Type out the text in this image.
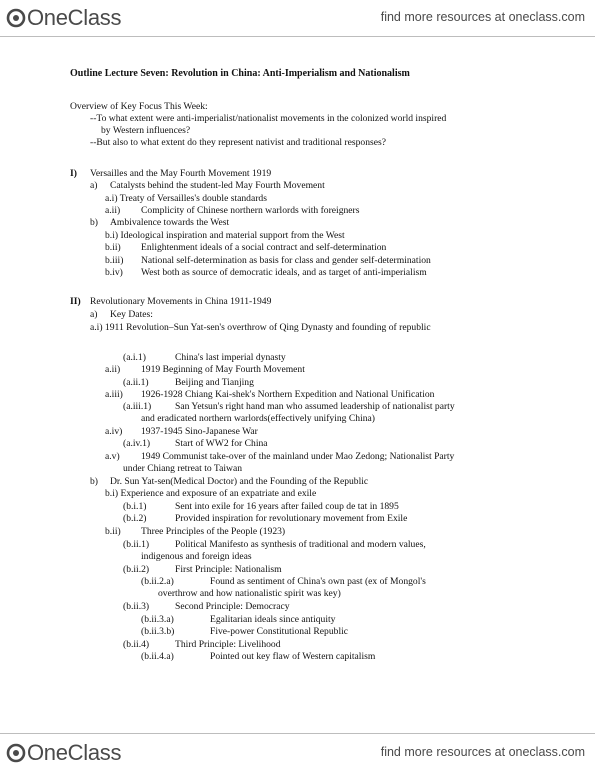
OneClass	find more resources at oneclass.com
Outline Lecture Seven: Revolution in China: Anti-Imperialism and Nationalism
Overview of Key Focus This Week:
--To what extent were anti-imperialist/nationalist movements in the colonized world inspired
by Western influences?
--But also to what extent do they represent nativist and traditional responses?
I) Versailles and the May Fourth Movement 1919
a) Catalysts behind the student-led May Fourth Movement
a.i) Treaty of Versailles's double standards
a.ii) Complicity of Chinese northern warlords with foreigners
b) Ambivalence towards the West
b.i) Ideological inspiration and material support from the West
b.ii) Enlightenment ideals of a social contract and self-determination
b.iii) National self-determination as basis for class and gender self-determination
b.iv) West both as source of democratic ideals, and as target of anti-imperialism
II) Revolutionary Movements in China 1911-1949
a) Key Dates:
a.i) 1911 Revolution–Sun Yat-sen's overthrow of Qing Dynasty and founding of republic
(a.i.1)	China's last imperial dynasty
a.ii) 1919 Beginning of May Fourth Movement
(a.ii.1)	Beijing and Tianjing
a.iii) 1926-1928 Chiang Kai-shek's Northern Expedition and National Unification
(a.iii.1) San Yetsun's right hand man who assumed leadership of nationalist party
and eradicated northern warlords(effectively unifying China)
a.iv) 1937-1945 Sino-Japanese War
(a.iv.1)	Start of WW2 for China
a.v) 1949 Communist take-over of the mainland under Mao Zedong; Nationalist Party
under Chiang retreat to Taiwan
b) Dr. Sun Yat-sen(Medical Doctor) and the Founding of the Republic
b.i) Experience and exposure of an expatriate and exile
(b.i.1)	Sent into exile for 16 years after failed coup de tat in 1895
(b.i.2)	Provided inspiration for revolutionary movement from Exile
b.ii) Three Principles of the People (1923)
(b.ii.1)	Political Manifesto as synthesis of traditional and modern values,
indigenous and foreign ideas
(b.ii.2)	First Principle: Nationalism
(b.ii.2.a)	Found as sentiment of China's own past (ex of Mongol's
overthrow and how nationalistic spirit was key)
(b.ii.3)	Second Principle: Democracy
(b.ii.3.a)	Egalitarian ideals since antiquity
(b.ii.3.b)	Five-power Constitutional Republic
(b.ii.4)	Third Principle: Livelihood
(b.ii.4.a)	Pointed out key flaw of Western capitalism
OneClass	find more resources at oneclass.com
